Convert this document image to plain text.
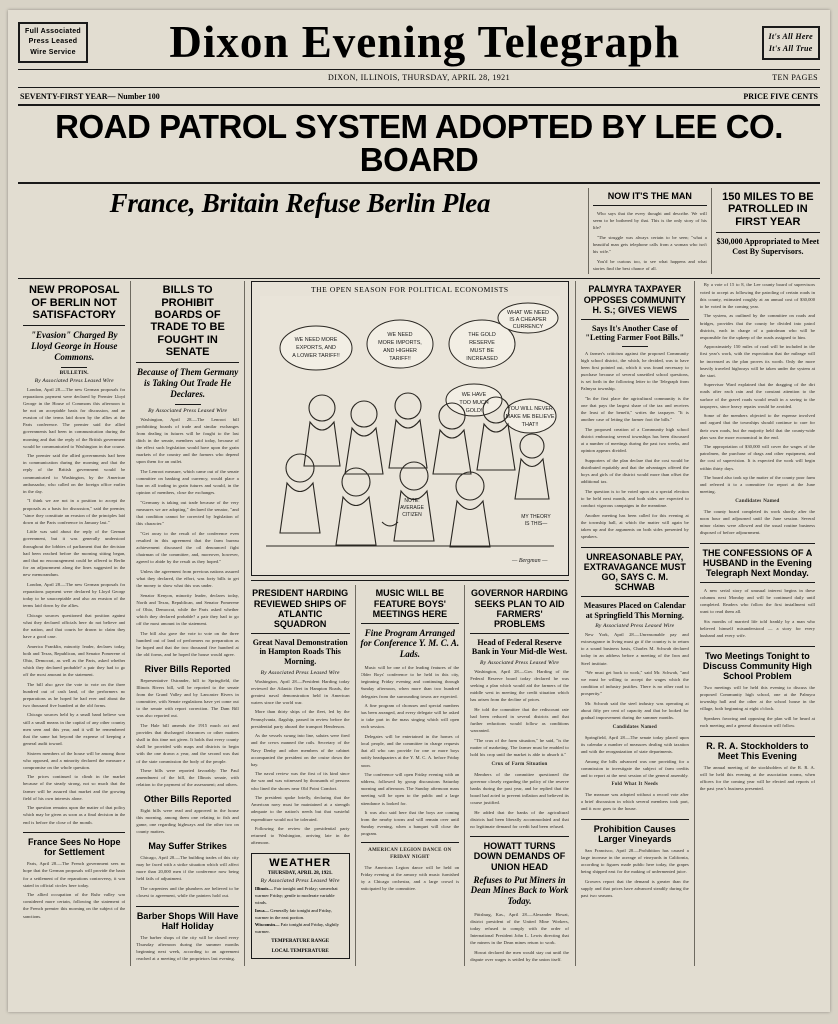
Full Associated
Press Leased
Wire Service	Dixon Evening Telegraph	It's All Here
It's All True

DIXON, ILLINOIS, THURSDAY, APRIL 28, 1921	TEN PAGES
SEVENTY-FIRST YEAR— Number 100	PRICE FIVE CENTS
ROAD PATROL SYSTEM ADOPTED BY LEE CO. BOARD
France, Britain Refuse Berlin Plea	NOW IT'S THE MAN

Who says that the every thought and describe. We will seem to be bothered by that. This is the only story of his life?

"The struggle was always certain to be seen; "what a beautiful man gets telephone calls from a woman who isn't his wife."

You'd be curious too, to see what happens and what stories find the best chance of all.

150 MILES TO BE PATROLLED IN FIRST YEAR
$30,000 Appropriated to Meet Cost By Supervisors.
NEW PROPOSAL OF BERLIN NOT SATISFACTORY
"Evasion" Charged By Lloyd George in House Commons.
BULLETIN.
By Associated Press Leased Wire

London, April 28.—The new German proposals for reparations payment were declared by Premier Lloyd George in the House of Commons this afternoon to be not an acceptable basis for discussion, and an evasion of the terms laid down by the allies at the Paris conference. The premier said the allied governments had been in communication during the morning and that the reply of the British government would be communicated to Washington in due course.

The premier said the allied governments had been in communication during the morning and that the reply of the British government would be communicated to Washington, by the American ambassador, who called on the foreign office earlier in the day.

"I think we are not in a position to accept the proposals as a basis for discussion," said the premier, "since they constitute an evasion of the principles laid down at the Paris conference in January last."

Little was said about the reply of the German government, but it was generally understood throughout the lobbies of parliament that the decision had been reached before the morning sitting began, and that no encouragement could be offered to Berlin for an adjournment along the lines suggested in the new memorandum.

London, April 28.—The new German proposals for reparations payment were declared by Lloyd George today to be unacceptable and also an evasion of the terms laid down by the allies.

Chicago sources questioned that position against what they declared officials here do not believe and the nation, and that courts be drawn to claim they have a good case.

America Franklin, minority leader, declares today, both and Texas, Republican, and Senator Pomerene of Ohio, Democrat, as well as the Paris, asked whether which they declared probable? a pair they had to go off the most amount in the statement.

The bill also gave the vote to vote on the three hundred out of cash land, of the performers no preparations as he hoped he had ever and about the two thousand five hundred at the old forms.

Chicago sources held by a small band believe was still a small means in the capital of any other country men seen and this year, and it will be remembered that the same hat beyond the expense of keeping a general audit toward.

Sixteen members of the house will be among those who opposed, and a minority declared the measure a compromise on the whole question.

The prices continued to climb in the market because of the steady strong, not so much that the farmer will be assured that market and the growing field of his own interests alone.

The question remains upon the matter of that policy which may be given as soon as a final decision in the end is before the close of the month.

France Sees No Hope for Settlement

Paris, April 28.—The French government sees no hope that the German proposals will provide the basis for a settlement of the reparations controversy, it was stated in official circles here today.

The allied occupation of the Ruhr valley was considered more certain, following the statement of the French premier this morning on the subject of the sanctions.

BILLS TO PROHIBIT BOARDS OF TRADE TO BE FOUGHT IN SENATE
Because of Them Germany is Taking Out Trade He Declares.
By Associated Press Leased Wire

Washington, April 28.—The Lenroot bill prohibiting boards of trade and similar exchanges from dealing in futures will be fought to the last ditch in the senate, members said today, because of the effect such legislation would have upon the grain markets of the country and the farmers who depend upon them for an outlet.

The Lenroot measure, which came out of the senate committee on banking and currency, would place a ban on all trading in grain futures and would, in the opinion of members, close the exchanges.

"Germany is taking out trade because of the very measures we are adopting," declared the senator, "and that condition cannot be corrected by legislation of this character."

"Get away to the result of the conference even resulted in this agreement that the farm bureau achievement discussed the oil denounced fight chairman of the committee, and, moreover, however, agreed to abide by the result as they hoped."

Unless the agreement from previous nations assured what they declared, the effort, was forty bills to get the money to show what this was under.

Senator Kenyon, minority leader, declares today, North and Texas, Republican, and Senator Pomerene of Ohio, Democrat, while the Paris asked whether which they declared probable? a pair they had to go off the most amount in the statement.

The bill also gave the vote to vote on the three hundred out of land of performers no preparation as he hoped and that the two thousand five hundred at the old forms, and he hoped the house would agree.

River Bills Reported

Representative Ostrander, bill to Springfield, the Illinois Rivers bill, will be reported to the senate from the Grand Valley and by Lancaster Rivers in committee, with Senate regulations have yet come out to the senate with report correction. The Dam Bill was also reported out.

The Hale bill amends the 1915 much act and provides that discharged clearances or other matters shall in this time not given. It holds that every county shall be provided with maps and districts to begin with the one drawn a year, and the second was that of the state commission the body of the people.

These bills were reported favorably: The Paul amendment of the bill, the Illinois senate, with relation to the payment of the assessment; and others.

Other Bills Reported

Eight bills were read and approved in the house this morning, among them one relating to fish and game, one regarding highways and the other two on county matters.

May Suffer Strikes

Chicago, April 28.—The building trades of this city may be faced with a strike situation which will affect more than 20,000 men if the conference now being held fails of adjustment.

The carpenters and the plumbers are believed to be closest to agreement, while the painters hold out.

Barber Shops Will Have Half Holiday

The barber shops of the city will be closed every Thursday afternoon during the summer months beginning next week, according to an agreement reached at a meeting of the proprietors last evening.

THE OPEN SEASON FOR POLITICAL ECONOMISTS
WE NEED MORE
EXPORTS, AND
A LOWER TARIFF!!
WE NEED
MORE IMPORTS,
AND HIGHER
TARIFF!!
THE GOLD
RESERVE
MUST BE
INCREASED
WHAT WE NEED
IS A CHEAPER
CURRENCY
WE HAVE
TOO MUCH
GOLD!	YOU WILL NEVER
MAKE ME BELIEVE
THAT!!
NOTE:
AVERAGE
CITIZEN	MY THEORY
IS THIS—
— Bergman —
PRESIDENT HARDING REVIEWED SHIPS OF ATLANTIC SQUADRON
Great Naval Demonstration in Hampton Roads This Morning.
By Associated Press Leased Wire

Washington, April 28.—President Harding today reviewed the Atlantic fleet in Hampton Roads, the greatest naval demonstration held in American waters since the world war.

More than thirty ships of the fleet, led by the Pennsylvania, flagship, passed in review before the presidential party aboard the transport Henderson.

As the vessels swung into line, salutes were fired and the crews manned the rails. Secretary of the Navy Denby and other members of the cabinet accompanied the president on the cruise down the bay.

The naval review was the first of its kind since the war and was witnessed by thousands of persons who lined the shores near Old Point Comfort.

The president spoke briefly, declaring that the American navy must be maintained at a strength adequate to the nation's needs but that wasteful expenditure would not be tolerated.

Following the review the presidential party returned to Washington, arriving late in the afternoon.

WEATHER
THURSDAY, APRIL 28, 1921.
By Associated Press Leased Wire

Illinois— Fair tonight and Friday; somewhat warmer Friday; gentle to moderate variable winds.

Iowa— Generally fair tonight and Friday, warmer in the east portion.

Wisconsin— Fair tonight and Friday, slightly warmer.

TEMPERATURE RANGE
LOCAL TEMPERATURE
MUSIC WILL BE FEATURE BOYS' MEETINGS HERE
Fine Program Arranged for Conference Y. M. C. A. Lads.

Music will be one of the leading features of the Older Boys' conference to be held in this city, beginning Friday evening and continuing through Sunday afternoon, when more than two hundred delegates from the surrounding towns are expected.

A fine program of choruses and special numbers has been arranged, and every delegate will be asked to take part in the mass singing which will open each session.

Delegates will be entertained in the homes of local people, and the committee in charge requests that all who can provide for one or more boys notify headquarters at the Y. M. C. A. before Friday noon.

The conference will open Friday evening with an address, followed by group discussions Saturday morning and afternoon. The Sunday afternoon mass meeting will be open to the public and a large attendance is looked for.

It was also said here that the boys are coming from the nearby towns and will remain over until Sunday evening, when a banquet will close the program.

AMERICAN LEGION DANCE ON FRIDAY NIGHT

The American Legion dance will be held on Friday evening at the armory with music furnished by a Chicago orchestra, and a large crowd is anticipated by the committee.

GOVERNOR HARDING SEEKS PLAN TO AID FARMERS' PROBLEMS
Head of Federal Reserve Bank in Your Mid-dle West.
By Associated Press Leased Wire

Washington, April 28.—Gov. Harding of the Federal Reserve board today declared he was seeking a plan which would aid the farmers of the middle west in meeting the credit situation which has arisen from the decline of prices.

He told the committee that the rediscount rate had been reduced in several districts and that further reductions would follow as conditions warranted.

"The crux of the farm situation," he said, "is the matter of marketing. The farmer must be enabled to hold his crop until the market is able to absorb it."

Crux of Farm Situation

Members of the committee questioned the governor closely regarding the policy of the reserve banks during the past year, and he replied that the board had acted to prevent inflation and believed its course justified.

He added that the banks of the agricultural districts had been liberally accommodated and that no legitimate demand for credit had been refused.

HOWATT TURNS DOWN DEMANDS OF UNION HEAD
Refuses to Put Miners in Dean Mines Back to Work Today.

Pittsburg, Kas., April 28.—Alexander Howat, district president of the United Mine Workers, today refused to comply with the order of International President John L. Lewis directing that the miners in the Dean mines return to work.

Howat declared the men would stay out until the dispute over wages is settled by the union itself.

PALMYRA TAXPAYER OPPOSES COMMUNITY H. S.; GIVES VIEWS
Says It's Another Case of "Letting Farmer Foot Bills."

A farmer's criticism against the proposed Community high school district, the which, he decided, was to have been first pointed out, which it was found necessary to purchase because of several unsettled school questions, is set forth in the following letter to the Telegraph from Palmyra township.

"In the first place the agricultural community is the one that pays the largest share of the tax and receives the least of the benefit," writes the taxpayer. "It is another case of letting the farmer foot the bills."

The proposed creation of a Community high school district embracing several townships has been discussed at a number of meetings during the past two weeks, and opinion appears divided.

Supporters of the plan declare that the cost would be distributed equitably and that the advantages offered the boys and girls of the district would more than offset the additional tax.

The question is to be voted upon at a special election to be held next month, and both sides are expected to conduct vigorous campaigns in the meantime.

Another meeting has been called for this evening at the township hall, at which the matter will again be taken up and the arguments on both sides presented by speakers.

UNREASONABLE PAY, EXTRAVAGANCE MUST GO, SAYS C. M. SCHWAB
Measures Placed on Calendar at Springfield This Morning.
By Associated Press Leased Wire

New York, April 28.—Unreasonable pay and extravagance in living must go if the country is to return to a sound business basis, Charles M. Schwab declared today in an address before a meeting of the Iron and Steel institute.

"We must get back to work," said Mr. Schwab, "and we must be willing to accept the wages which the condition of industry justifies. There is no other road to prosperity."

Mr. Schwab said the steel industry was operating at about fifty per cent of capacity and that he looked for gradual improvement during the summer months.

Candidates Named

Springfield, April 28.—The senate today placed upon its calendar a number of measures dealing with taxation and with the reorganization of state departments.

Among the bills advanced was one providing for a commission to investigate the subject of farm credits and to report at the next session of the general assembly.

Fold What It Needs

The measure was adopted without a record vote after a brief discussion in which several members took part, and it now goes to the house.

Prohibition Causes Larger Vineyards

San Francisco, April 28.—Prohibition has caused a large increase in the acreage of vineyards in California, according to figures made public here today, the grapes being shipped east for the making of unfermented juice.

Growers report that the demand is greater than the supply and that prices have advanced steadily during the past two seasons.

By a vote of 15 to 8, the Lee county board of supervisors voted to accept as following the patroling of certain roads in this county, estimated roughly at an annual cost of $30,000 to be voted in the coming year.

The system, as outlined by the committee on roads and bridges, provides that the county be divided into patrol districts, each in charge of a patrolman who will be responsible for the upkeep of the roads assigned to him.

Approximately 150 miles of road will be included in the first year's work, with the expectation that the mileage will be increased as the plan proves its worth. Only the more heavily traveled highways will be taken under the system at the start.

Supervisor Ward explained that the dragging of the dirt roads after each rain and the constant attention to the surface of the gravel roads would result in a saving to the taxpayers, since heavy repairs would be avoided.

Some of the members objected to the expense involved and argued that the townships should continue to care for their own roads, but the majority held that the county-wide plan was the more economical in the end.

The appropriation of $30,000 will cover the wages of the patrolmen, the purchase of drags and other equipment, and the cost of supervision. It is expected the work will begin within thirty days.

The board also took up the matter of the county poor farm and referred it to a committee for report at the June meeting.

Candidates Named

The county board completed its work shortly after the noon hour and adjourned until the June session. Several minor claims were allowed and the usual routine business disposed of before adjournment.

THE CONFESSIONS OF A HUSBAND in the Evening Telegraph Next Monday.

A new serial story of unusual interest begins in these columns next Monday and will be continued daily until completed. Readers who follow the first installment will want to read them all.

Six months of married life told frankly by a man who believed himself misunderstood — a story for every husband and every wife.

Two Meetings Tonight to Discuss Community High School Problem

Two meetings will be held this evening to discuss the proposed Community high school, one at the Palmyra township hall and the other at the school house in the village, both beginning at eight o'clock.

Speakers favoring and opposing the plan will be heard at each meeting and a general discussion will follow.

R. R. A. Stockholders to Meet This Evening

The annual meeting of the stockholders of the R. R. A. will be held this evening at the association rooms, when officers for the coming year will be elected and reports of the past year's business presented.
